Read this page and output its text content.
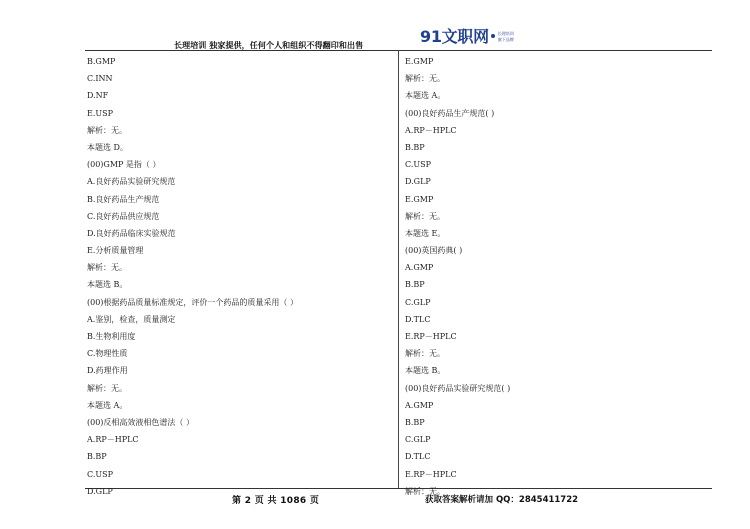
长理培训 独家提供，任何个人和组织不得翻印和出售	91文职网 长理培训
旗下品牌
B.GMP
C.INN
D.NF
E.USP
解析：无。
本题选 D。
(00)GMP 是指（ ）
A.良好药品实验研究规范
B.良好药品生产规范
C.良好药品供应规范
D.良好药品临床实验规范
E.分析质量管理
解析：无。
本题选 B。
(00)根据药品质量标准规定，评价一个药品的质量采用（ ）
A.鉴别，检查，质量测定
B.生物利用度
C.物理性质
D.药理作用
解析：无。
本题选 A。
(00)反相高效液相色谱法（ ）
A.RP－HPLC
B.BP
C.USP
D.GLP
E.GMP
解析：无。
本题选 A。
(00)良好药品生产规范( )
A.RP－HPLC
B.BP
C.USP
D.GLP
E.GMP
解析：无。
本题选 E。
(00)英国药典( )
A.GMP
B.BP
C.GLP
D.TLC
E.RP－HPLC
解析：无。
本题选 B。
(00)良好药品实验研究规范( )
A.GMP
B.BP
C.GLP
D.TLC
E.RP－HPLC
解析：无。
第 2 页 共 1086 页	获取答案解析请加 QQ：2845411722
